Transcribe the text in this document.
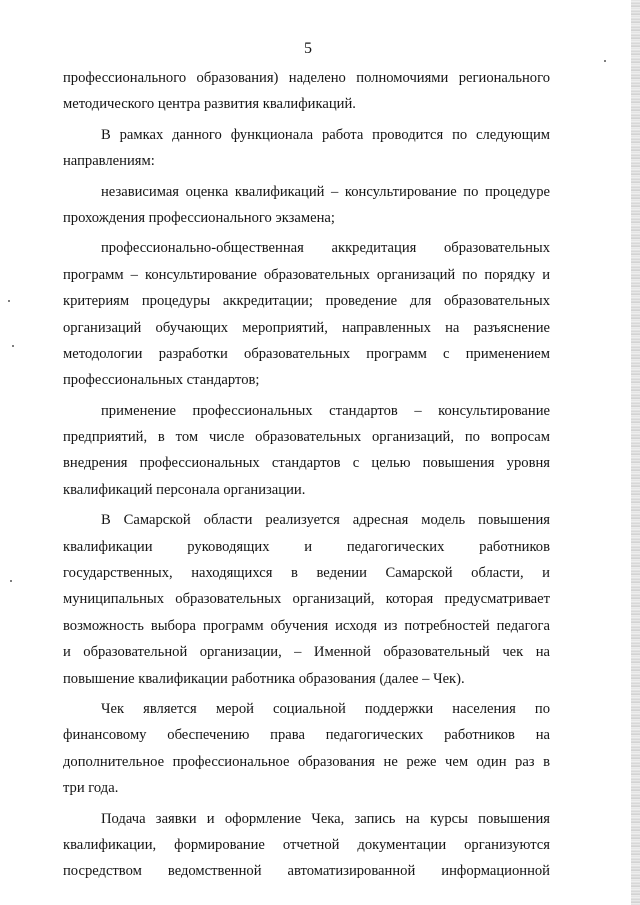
5
профессионального образования) наделено полномочиями регионального
методического центра развития квалификаций.
В рамках данного функционала работа проводится по следующим
направлениям:
независимая оценка квалификаций – консультирование по процедуре
прохождения профессионального экзамена;
профессионально-общественная аккредитация образовательных
программ – консультирование образовательных организаций по порядку и
критериям процедуры аккредитации; проведение для образовательных
организаций обучающих мероприятий, направленных на разъяснение
методологии разработки образовательных программ с применением
профессиональных стандартов;
применение профессиональных стандартов – консультирование
предприятий, в том числе образовательных организаций, по вопросам
внедрения профессиональных стандартов с целью повышения уровня
квалификаций персонала организации.
В Самарской области реализуется адресная модель повышения
квалификации руководящих и педагогических работников
государственных, находящихся в ведении Самарской области, и
муниципальных образовательных организаций, которая предусматривает
возможность выбора программ обучения исходя из потребностей педагога
и образовательной организации, – Именной образовательный чек на
повышение квалификации работника образования (далее – Чек).
Чек является мерой социальной поддержки населения по
финансовому обеспечению права педагогических работников на
дополнительное профессиональное образования не реже чем один раз в
три года.
Подача заявки и оформление Чека, запись на курсы повышения
квалификации, формирование отчетной документации организуются
посредством ведомственной автоматизированной информационной
